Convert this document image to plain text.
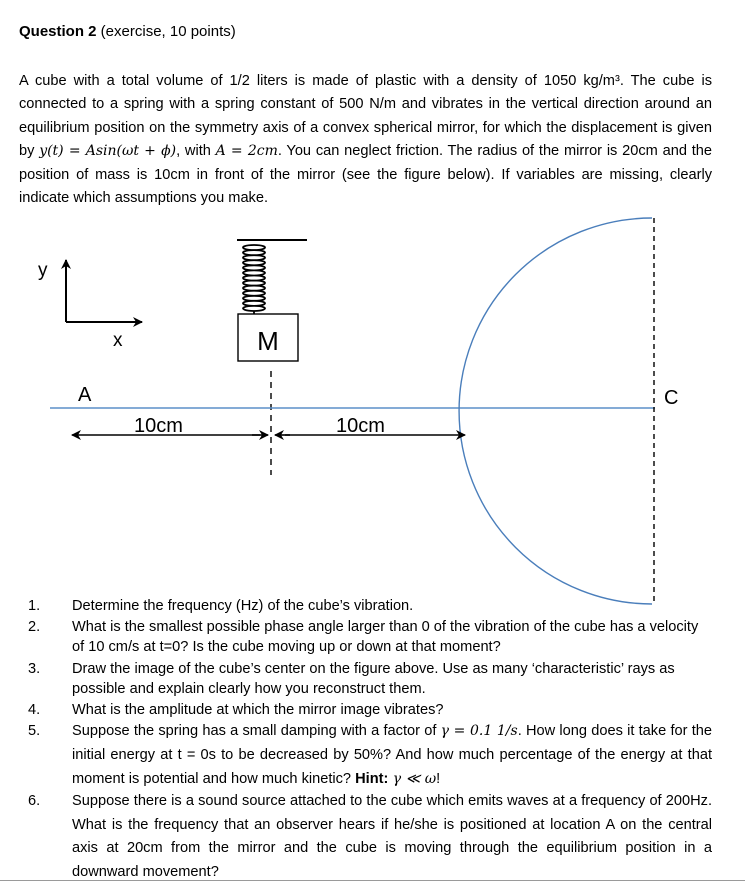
Question 2 (exercise, 10 points)
A cube with a total volume of 1/2 liters is made of plastic with a density of 1050 kg/m³. The cube is connected to a spring with a spring constant of 500 N/m and vibrates in the vertical direction around an equilibrium position on the symmetry axis of a convex spherical mirror, for which the displacement is given by y(t) = Asin(ωt + ϕ), with A = 2cm. You can neglect friction. The radius of the mirror is 20cm and the position of mass is 10cm in front of the mirror (see the figure below). If variables are missing, clearly indicate which assumptions you make.
y
x	M
A	C
10cm	10cm
1. Determine the frequency (Hz) of the cube’s vibration.
2. What is the smallest possible phase angle larger than 0 of the vibration of the cube has a velocity of 10 cm/s at t=0? Is the cube moving up or down at that moment?
3. Draw the image of the cube’s center on the figure above. Use as many ‘characteristic’ rays as possible and explain clearly how you reconstruct them.
4. What is the amplitude at which the mirror image vibrates?
5. Suppose the spring has a small damping with a factor of γ = 0.1 1/s. How long does it take for the initial energy at t = 0s to be decreased by 50%? And how much percentage of the energy at that moment is potential and how much kinetic? Hint: γ ≪ ω!
6. Suppose there is a sound source attached to the cube which emits waves at a frequency of 200Hz. What is the frequency that an observer hears if he/she is positioned at location A on the central axis at 20cm from the mirror and the cube is moving through the equilibrium position in a downward movement?
